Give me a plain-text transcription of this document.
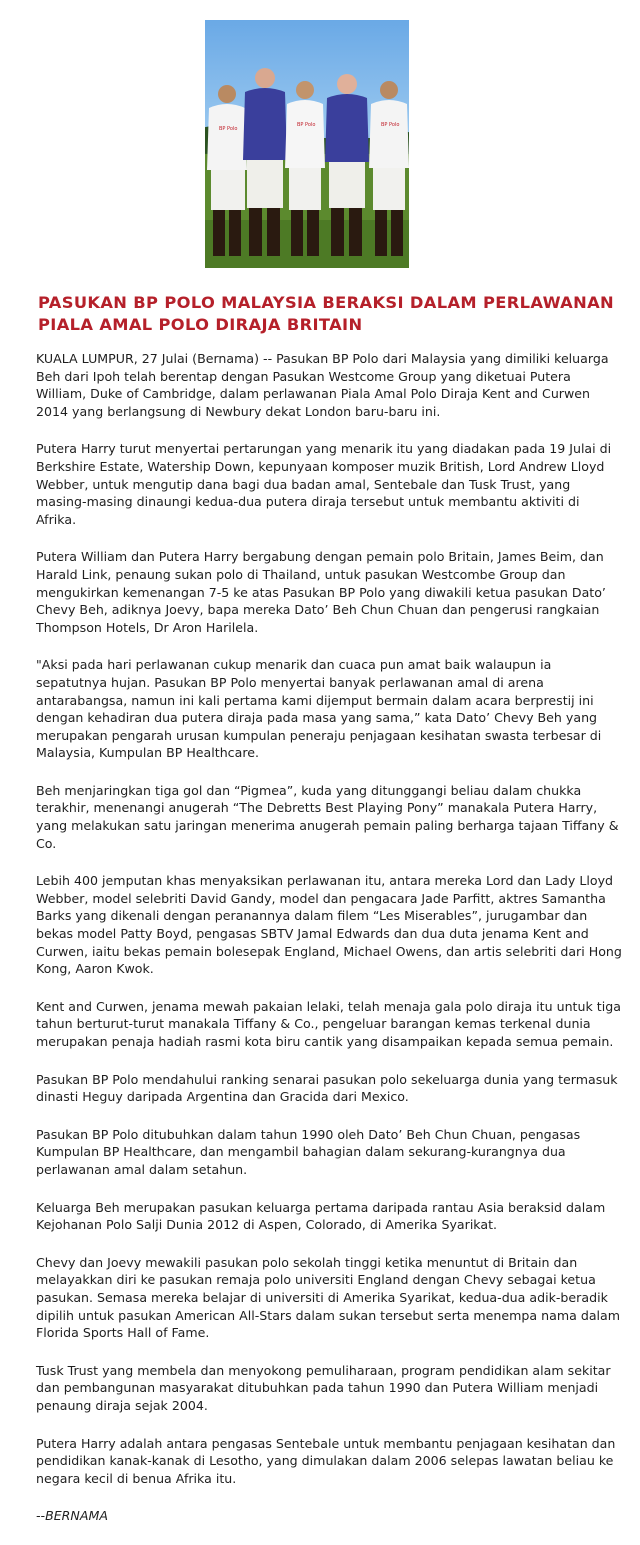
BP Polo
BP Polo	BP Polo
PASUKAN BP POLO MALAYSIA BERAKSI DALAM PERLAWANAN PIALA AMAL POLO DIRAJA BRITAIN

KUALA LUMPUR, 27 Julai (Bernama) -- Pasukan BP Polo dari Malaysia yang dimiliki keluarga Beh dari Ipoh telah berentap dengan Pasukan Westcome Group yang diketuai Putera William, Duke of Cambridge, dalam perlawanan Piala Amal Polo Diraja Kent and Curwen 2014 yang berlangsung di Newbury dekat London baru-baru ini.

Putera Harry turut menyertai pertarungan yang menarik itu yang diadakan pada 19 Julai di Berkshire Estate, Watership Down, kepunyaan komposer muzik British, Lord Andrew Lloyd Webber, untuk mengutip dana bagi dua badan amal, Sentebale dan Tusk Trust, yang masing-masing dinaungi kedua-dua putera diraja tersebut untuk membantu aktiviti di Afrika.

Putera William dan Putera Harry bergabung dengan pemain polo Britain, James Beim, dan Harald Link, penaung sukan polo di Thailand, untuk pasukan Westcombe Group dan mengukirkan kemenangan 7-5 ke atas Pasukan BP Polo yang diwakili ketua pasukan Dato’ Chevy Beh, adiknya Joevy, bapa mereka Dato’ Beh Chun Chuan dan pengerusi rangkaian Thompson Hotels, Dr Aron Harilela.

"Aksi pada hari perlawanan cukup menarik dan cuaca pun amat baik walaupun ia sepatutnya hujan. Pasukan BP Polo menyertai banyak perlawanan amal di arena antarabangsa, namun ini kali pertama kami dijemput bermain dalam acara berprestij ini dengan kehadiran dua putera diraja pada masa yang sama,” kata Dato’ Chevy Beh yang merupakan pengarah urusan kumpulan peneraju penjagaan kesihatan swasta terbesar di Malaysia, Kumpulan BP Healthcare.

Beh menjaringkan tiga gol dan “Pigmea”, kuda yang ditunggangi beliau dalam chukka terakhir, menenangi anugerah “The Debretts Best Playing Pony” manakala Putera Harry, yang melakukan satu jaringan menerima anugerah pemain paling berharga tajaan Tiffany & Co.

Lebih 400 jemputan khas menyaksikan perlawanan itu, antara mereka Lord dan Lady Lloyd Webber, model selebriti David Gandy, model dan pengacara Jade Parfitt, aktres Samantha Barks yang dikenali dengan peranannya dalam filem “Les Miserables”, jurugambar dan bekas model Patty Boyd, pengasas SBTV Jamal Edwards dan dua duta jenama Kent and Curwen, iaitu bekas pemain bolesepak England, Michael Owens, dan artis selebriti dari Hong Kong, Aaron Kwok.

Kent and Curwen, jenama mewah pakaian lelaki, telah menaja gala polo diraja itu untuk tiga tahun berturut-turut manakala Tiffany & Co., pengeluar barangan kemas terkenal dunia merupakan penaja hadiah rasmi kota biru cantik yang disampaikan kepada semua pemain.

Pasukan BP Polo mendahului ranking senarai pasukan polo sekeluarga dunia yang termasuk dinasti Heguy daripada Argentina dan Gracida dari Mexico.

Pasukan BP Polo ditubuhkan dalam tahun 1990 oleh Dato’ Beh Chun Chuan, pengasas Kumpulan BP Healthcare, dan mengambil bahagian dalam sekurang-kurangnya dua perlawanan amal dalam setahun.

Keluarga Beh merupakan pasukan keluarga pertama daripada rantau Asia beraksid dalam Kejohanan Polo Salji Dunia 2012 di Aspen, Colorado, di Amerika Syarikat.

Chevy dan Joevy mewakili pasukan polo sekolah tinggi ketika menuntut di Britain dan melayakkan diri ke pasukan remaja polo universiti England dengan Chevy sebagai ketua pasukan. Semasa mereka belajar di universiti di Amerika Syarikat, kedua-dua adik-beradik dipilih untuk pasukan American All-Stars dalam sukan tersebut serta menempa nama dalam Florida Sports Hall of Fame.

Tusk Trust yang membela dan menyokong pemuliharaan, program pendidikan alam sekitar dan pembangunan masyarakat ditubuhkan pada tahun 1990 dan Putera William menjadi penaung diraja sejak 2004.

Putera Harry adalah antara pengasas Sentebale untuk membantu penjagaan kesihatan dan pendidikan kanak-kanak di Lesotho, yang dimulakan dalam 2006 selepas lawatan beliau ke negara kecil di benua Afrika itu.

--BERNAMA
